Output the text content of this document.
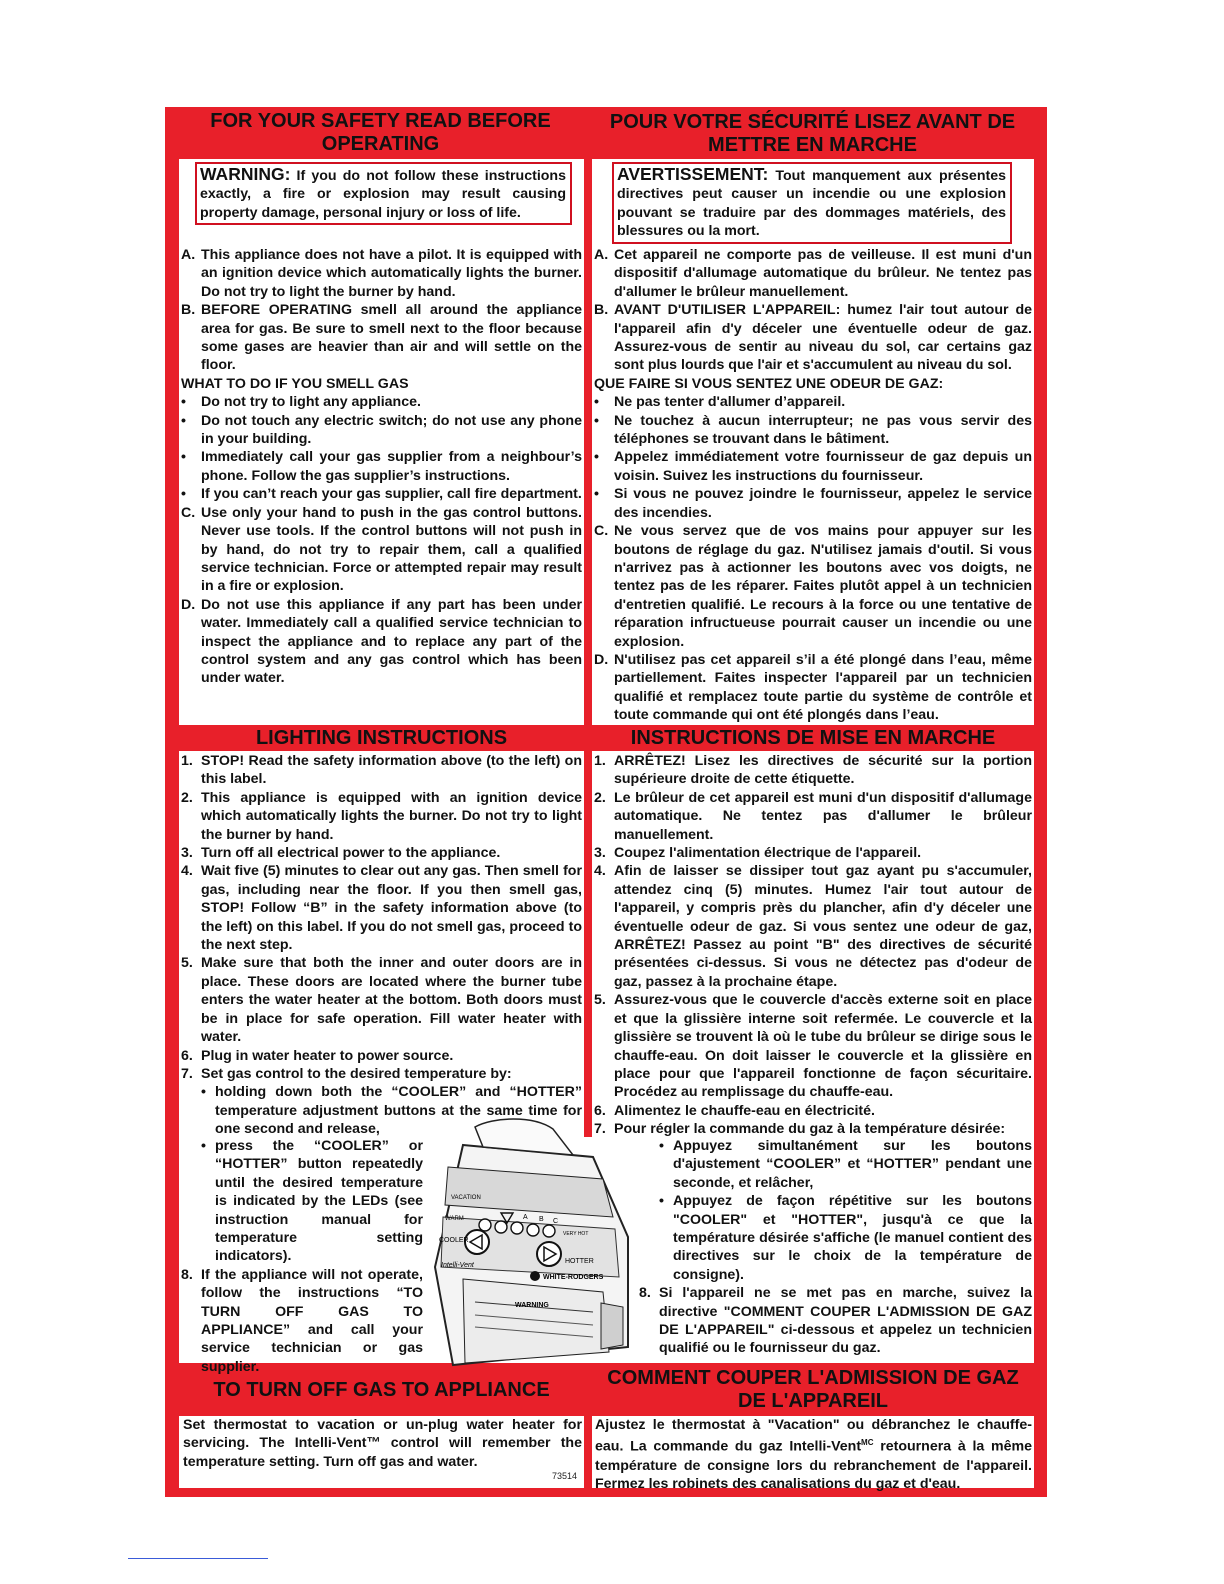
FOR YOUR SAFETY READ BEFORE OPERATING
POUR VOTRE SÉCURITÉ LISEZ AVANT DE METTRE EN MARCHE
WARNING: If you do not follow these instructions exactly, a fire or explosion may result causing property damage, personal injury or loss of life.
AVERTISSEMENT: Tout manquement aux présentes directives peut causer un incendie ou une explosion pouvant se traduire par des dommages matériels, des blessures ou la mort.

A. This appliance does not have a pilot. It is equipped with an ignition device which automatically lights the burner. Do not try to light the burner by hand.

B. BEFORE OPERATING smell all around the appliance area for gas. Be sure to smell next to the floor because some gases are heavier than air and will settle on the floor.

WHAT TO DO IF YOU SMELL GAS

• Do not try to light any appliance.

• Do not touch any electric switch; do not use any phone in your building.

• Immediately call your gas supplier from a neighbour’s phone. Follow the gas supplier’s instructions.

• If you can’t reach your gas supplier, call fire department.

C. Use only your hand to push in the gas control buttons. Never use tools. If the control buttons will not push in by hand, do not try to repair them, call a qualified service technician. Force or attempted repair may result in a fire or explosion.

D. Do not use this appliance if any part has been under water. Immediately call a qualified service technician to inspect the appliance and to replace any part of the control system and any gas control which has been under water.

A. Cet appareil ne comporte pas de veilleuse. Il est muni d'un dispositif d'allumage automatique du brûleur. Ne tentez pas d'allumer le brûleur manuellement.

B. AVANT D'UTILISER L'APPAREIL: humez l'air tout autour de l'appareil afin d'y déceler une éventuelle odeur de gaz. Assurez-vous de sentir au niveau du sol, car certains gaz sont plus lourds que l'air et s'accumulent au niveau du sol.

QUE FAIRE SI VOUS SENTEZ UNE ODEUR DE GAZ:

• Ne pas tenter d'allumer d’appareil.

• Ne touchez à aucun interrupteur; ne pas vous servir des téléphones se trouvant dans le bâtiment.

• Appelez immédiatement votre fournisseur de gaz depuis un voisin. Suivez les instructions du fournisseur.

• Si vous ne pouvez joindre le fournisseur, appelez le service des incendies.

C. Ne vous servez que de vos mains pour appuyer sur les boutons de réglage du gaz. N'utilisez jamais d'outil. Si vous n'arrivez pas à actionner les boutons avec vos doigts, ne tentez pas de les réparer. Faites plutôt appel à un technicien d'entretien qualifié. Le recours à la force ou une tentative de réparation infructueuse pourrait causer un incendie ou une explosion.

D. N'utilisez pas cet appareil s’il a été plongé dans l’eau, même partiellement. Faites inspecter l'appareil par un technicien qualifié et remplacez toute partie du système de contrôle et toute commande qui ont été plongés dans l’eau.

LIGHTING INSTRUCTIONS	INSTRUCTIONS DE MISE EN MARCHE

1. STOP! Read the safety information above (to the left) on this label.

2. This appliance is equipped with an ignition device which automatically lights the burner. Do not try to light the burner by hand.

3. Turn off all electrical power to the appliance.

4. Wait five (5) minutes to clear out any gas. Then smell for gas, including near the floor. If you then smell gas, STOP! Follow “B” in the safety information above (to the left) on this label. If you do not smell gas, proceed to the next step.

5. Make sure that both the inner and outer doors are in place. These doors are located where the burner tube enters the water heater at the bottom. Both doors must be in place for safe operation. Fill water heater with water.

6. Plug in water heater to power source.

7. Set gas control to the desired temperature by:

• holding down both the “COOLER” and “HOTTER” temperature adjustment buttons at the same time for one second and release,

• press the “COOLER” or “HOTTER” button repeatedly until the desired temperature is indicated by the LEDs (see instruction manual for temperature setting indicators).

8. If the appliance will not operate, follow the instructions “TO TURN OFF GAS TO APPLIANCE” and call your service technician or gas supplier.

1. ARRÊTEZ! Lisez les directives de sécurité sur la portion supérieure droite de cette étiquette.

2. Le brûleur de cet appareil est muni d'un dispositif d'allumage automatique. Ne tentez pas d'allumer le brûleur manuellement.

3. Coupez l'alimentation électrique de l'appareil.

4. Afin de laisser se dissiper tout gaz ayant pu s'accumuler, attendez cinq (5) minutes. Humez l'air tout autour de l'appareil, y compris près du plancher, afin d'y déceler une éventuelle odeur de gaz. Si vous sentez une odeur de gaz, ARRÊTEZ! Passez au point "B" des directives de sécurité présentées ci-dessus. Si vous ne détectez pas d'odeur de gaz, passez à la prochaine étape.

5. Assurez-vous que le couvercle d'accès externe soit en place et que la glissière interne soit refermée. Le couvercle et la glissière se trouvent là où le tube du brûleur se dirige sous le chauffe-eau. On doit laisser le couvercle et la glissière en place pour que l'appareil fonctionne de façon sécuritaire. Procédez au remplissage du chauffe-eau.

6. Alimentez le chauffe-eau en électricité.

7. Pour régler la commande du gaz à la température désirée:

• Appuyez simultanément sur les boutons d'ajustement “COOLER” et “HOTTER” pendant une seconde, et relâcher,

• Appuyez de façon répétitive sur les boutons "COOLER" et "HOTTER", jusqu'à ce que la température désirée s'affiche (le manuel contient des directives sur le choix de la température de consigne).

8. Si l'appareil ne se met pas en marche, suivez la directive "COMMENT COUPER L'ADMISSION DE GAZ DE L'APPAREIL" ci-dessous et appelez un technicien qualifié ou le fournisseur du gaz.

VACATION
WARM	A B C
VERY HOT
COOLER
HOTTER
Intelli-Vent
WHITE-RODGERS
WARNING
TO TURN OFF GAS TO APPLIANCE
COMMENT COUPER L'ADMISSION DE GAZ DE L'APPAREIL

Set thermostat to vacation or un-plug water heater for servicing. The Intelli-Vent™ control will remember the temperature setting. Turn off gas and water.

73514

Ajustez le thermostat à "Vacation" ou débranchez le chauffe-eau. La commande du gaz Intelli-Vent$^{MC}$ retournera à la même température de consigne lors du rebranchement de l'appareil. Fermez les robinets des canalisations du gaz et d'eau.
